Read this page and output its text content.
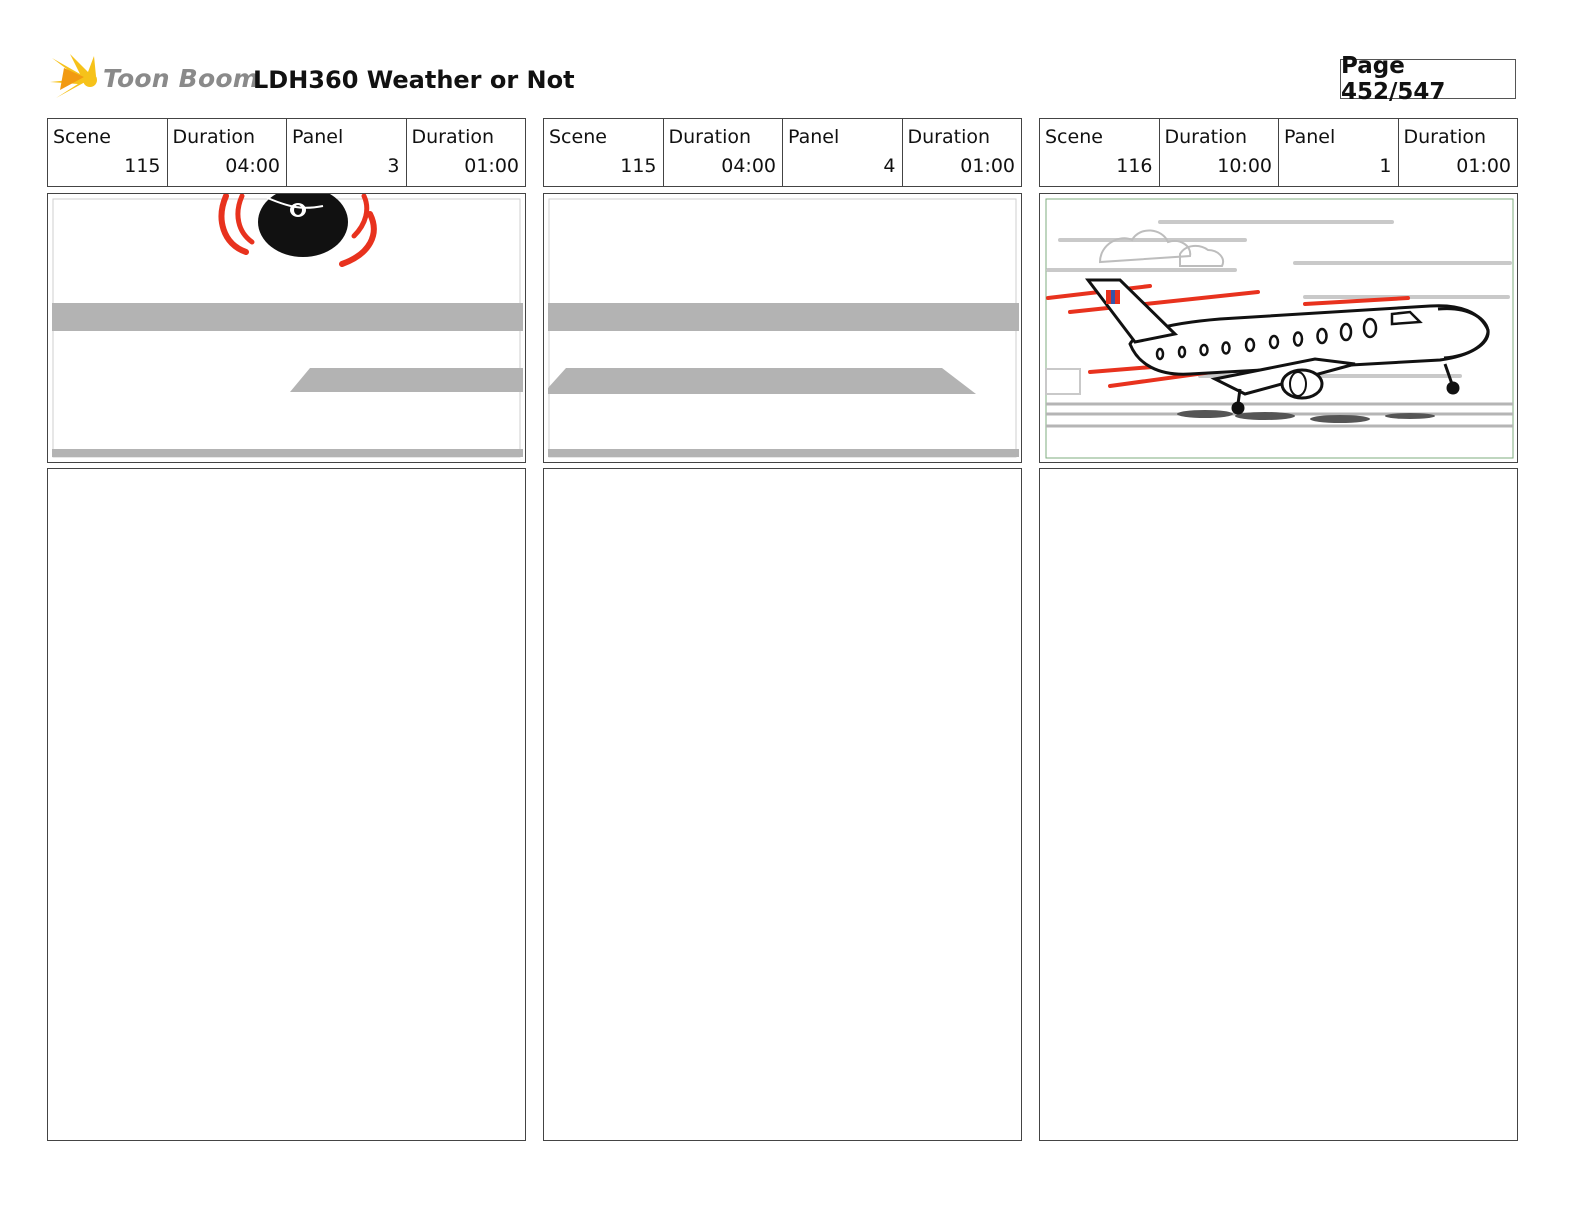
Toon Boom
LDH360 Weather or Not	Page 452/547
Scene
115
Duration
04:00
Panel
3
Duration
01:00
Scene
115
Duration
04:00
Panel
4
Duration
01:00
Scene
116
Duration
10:00
Panel
1
Duration
01:00
